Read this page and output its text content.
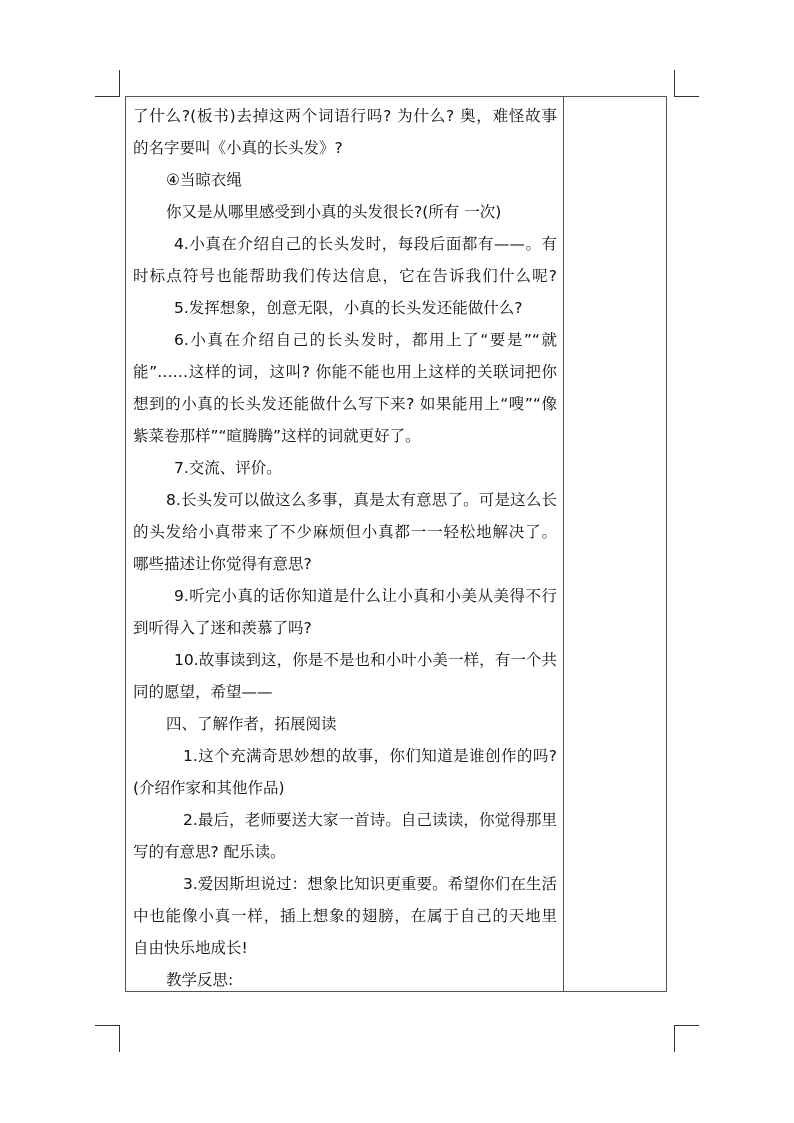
了什么?(板书)去掉这两个词语行吗? 为什么? 奥，难怪故事
的名字要叫《小真的长头发》?
④当晾衣绳
你又是从哪里感受到小真的头发很长?(所有 一次)
4.小真在介绍自己的长头发时，每段后面都有——。有
时标点符号也能帮助我们传达信息，它在告诉我们什么呢?
5.发挥想象，创意无限，小真的长头发还能做什么?
6.小真在介绍自己的长头发时，都用上了“要是”“就
能”……这样的词，这叫? 你能不能也用上这样的关联词把你
想到的小真的长头发还能做什么写下来? 如果能用上“嗖”“像
紫菜卷那样”“暄腾腾”这样的词就更好了。
7.交流、评价。
8.长头发可以做这么多事，真是太有意思了。可是这么长
的头发给小真带来了不少麻烦但小真都一一轻松地解决了。
哪些描述让你觉得有意思?
9.听完小真的话你知道是什么让小真和小美从美得不行
到听得入了迷和羡慕了吗?
10.故事读到这，你是不是也和小叶小美一样，有一个共
同的愿望，希望——
四、了解作者，拓展阅读
1.这个充满奇思妙想的故事，你们知道是谁创作的吗?
(介绍作家和其他作品)
2.最后，老师要送大家一首诗。自己读读，你觉得那里
写的有意思? 配乐读。
3.爱因斯坦说过：想象比知识更重要。希望你们在生活
中也能像小真一样，插上想象的翅膀，在属于自己的天地里
自由快乐地成长!
教学反思:
